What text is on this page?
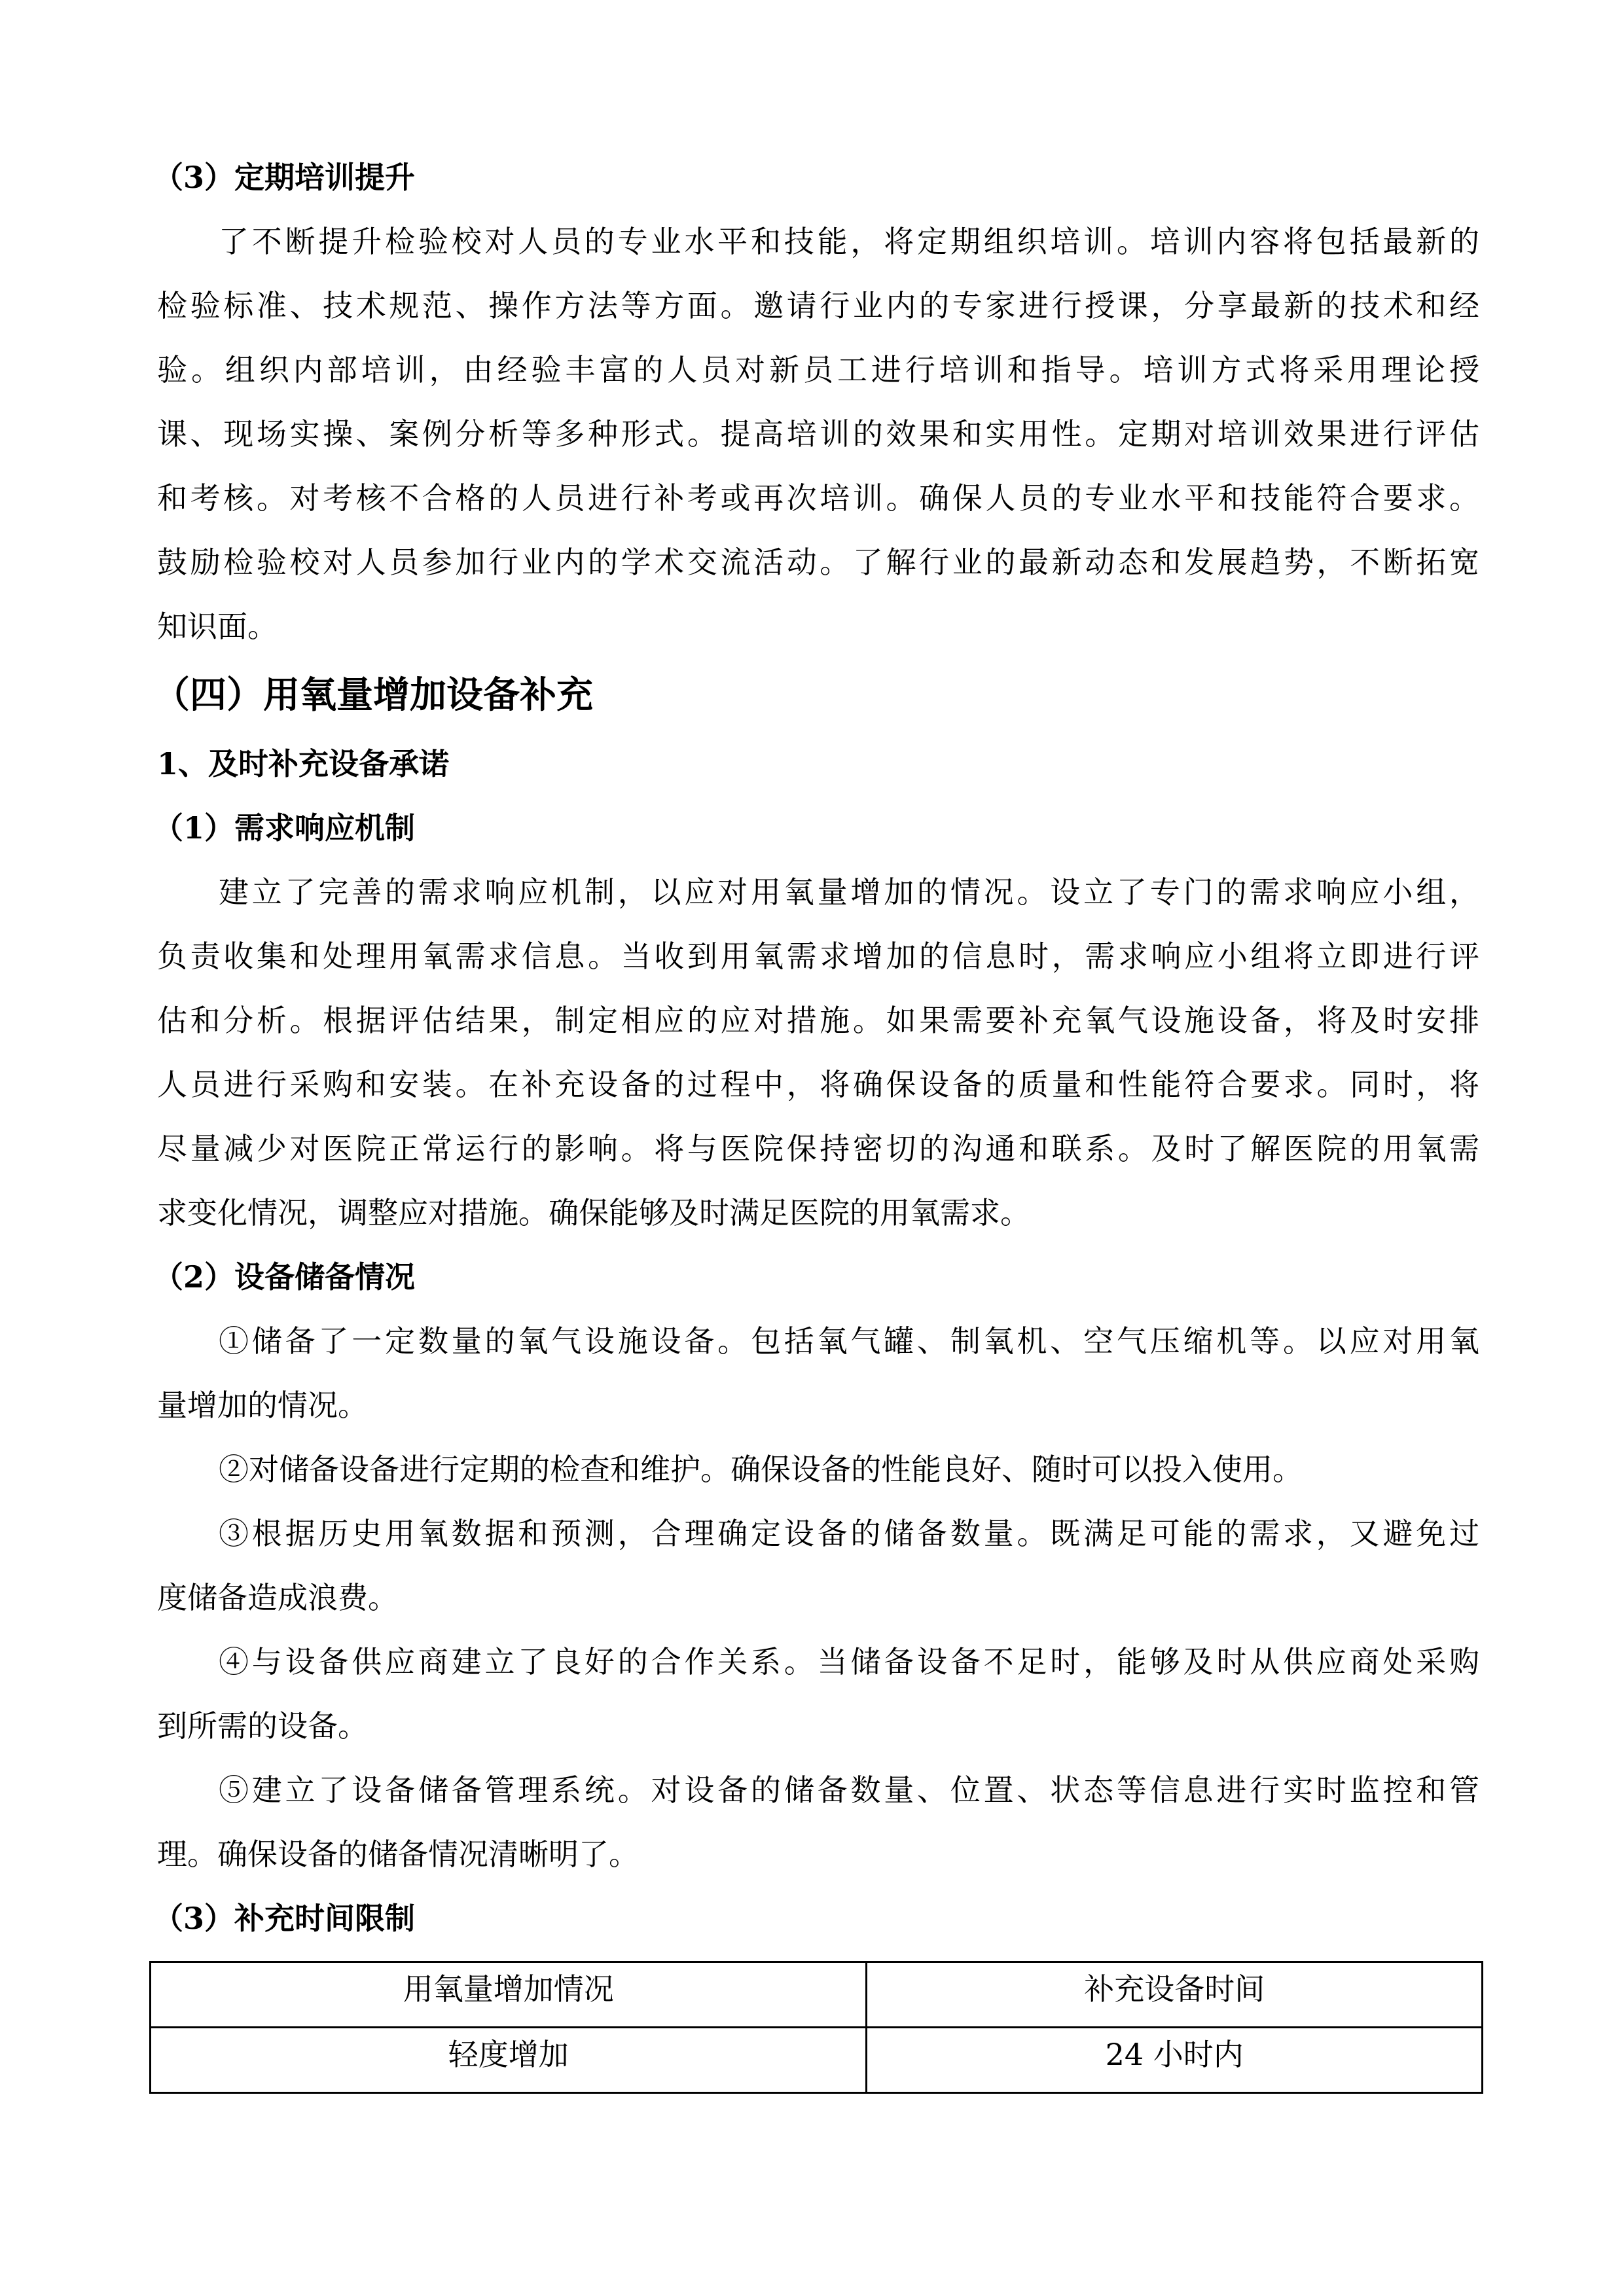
（3）定期培训提升
了不断提升检验校对人员的专业水平和技能，将定期组织培训。培训内容将包括最新的
检验标准、技术规范、操作方法等方面。邀请行业内的专家进行授课，分享最新的技术和经
验。组织内部培训，由经验丰富的人员对新员工进行培训和指导。培训方式将采用理论授
课、现场实操、案例分析等多种形式。提高培训的效果和实用性。定期对培训效果进行评估
和考核。对考核不合格的人员进行补考或再次培训。确保人员的专业水平和技能符合要求。
鼓励检验校对人员参加行业内的学术交流活动。了解行业的最新动态和发展趋势，不断拓宽
知识面。
（四）用氧量增加设备补充
1、及时补充设备承诺
（1）需求响应机制
建立了完善的需求响应机制，以应对用氧量增加的情况。设立了专门的需求响应小组，
负责收集和处理用氧需求信息。当收到用氧需求增加的信息时，需求响应小组将立即进行评
估和分析。根据评估结果，制定相应的应对措施。如果需要补充氧气设施设备，将及时安排
人员进行采购和安装。在补充设备的过程中，将确保设备的质量和性能符合要求。同时，将
尽量减少对医院正常运行的影响。将与医院保持密切的沟通和联系。及时了解医院的用氧需
求变化情况，调整应对措施。确保能够及时满足医院的用氧需求。
（2）设备储备情况
①储备了一定数量的氧气设施设备。包括氧气罐、制氧机、空气压缩机等。以应对用氧
量增加的情况。
②对储备设备进行定期的检查和维护。确保设备的性能良好、随时可以投入使用。
③根据历史用氧数据和预测，合理确定设备的储备数量。既满足可能的需求，又避免过
度储备造成浪费。
④与设备供应商建立了良好的合作关系。当储备设备不足时，能够及时从供应商处采购
到所需的设备。
⑤建立了设备储备管理系统。对设备的储备数量、位置、状态等信息进行实时监控和管
理。确保设备的储备情况清晰明了。
（3）补充时间限制
用氧量增加情况	补充设备时间
轻度增加	24 小时内
